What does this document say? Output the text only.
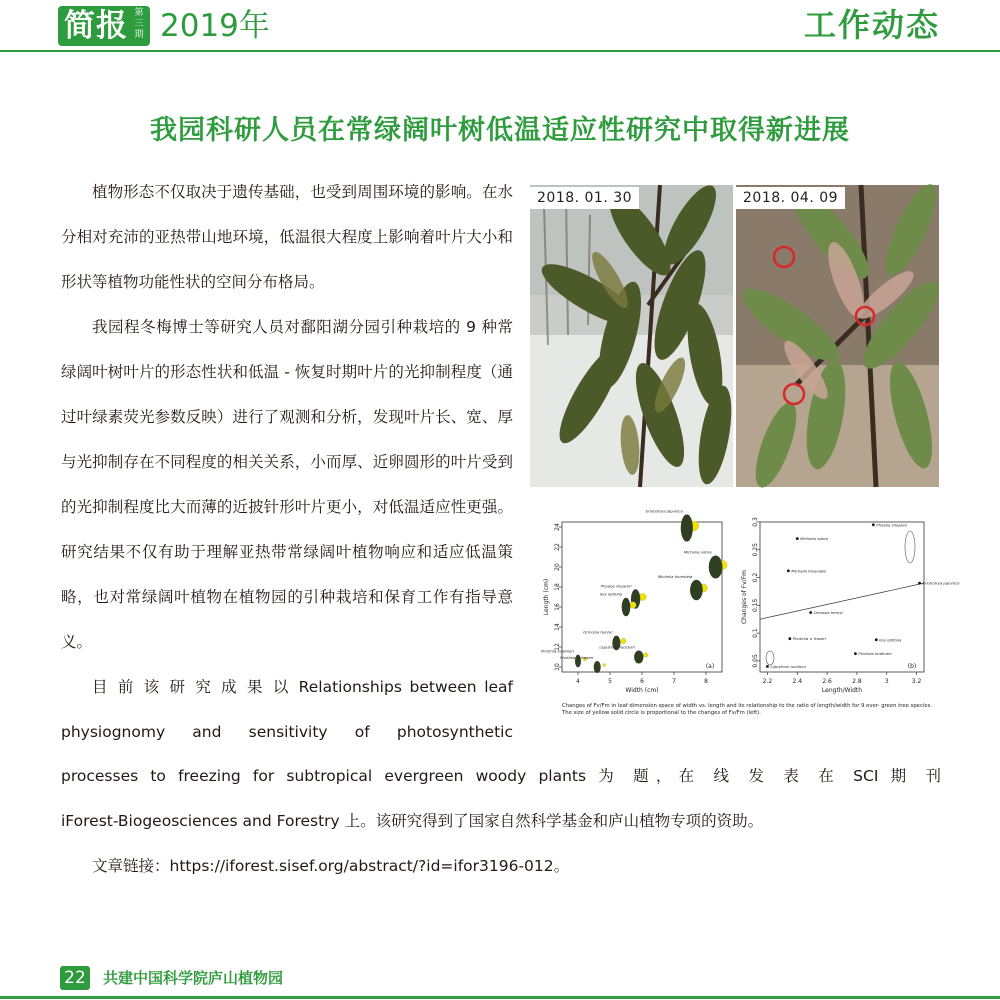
简报 第三期 2019年	工作动态
我园科研人员在常绿阔叶树低温适应性研究中取得新进展

植物形态不仅取决于遗传基础，也受到周围环境的影响。在水分相对充沛的亚热带山地环境，低温很大程度上影响着叶片大小和形状等植物功能性状的空间分布格局。

我园程冬梅博士等研究人员对鄱阳湖分园引种栽培的 9 种常绿阔叶树叶片的形态性状和低温 - 恢复时期叶片的光抑制程度（通过叶绿素荧光参数反映）进行了观测和分析，发现叶片长、宽、厚与光抑制存在不同程度的相关关系，小而厚、近卵圆形的叶片受到的光抑制程度比大而薄的近披针形叶片更小，对低温适应性更强。研究结果不仅有助于理解亚热带常绿阔叶植物响应和适应低温策略，也对常绿阔叶植物在植物园的引种栽培和保育工作有指导意义。

目 前 该 研 究 成 果 以 Relationships between leaf
physiognomy and sensitivity of photosynthetic
processes to freezing for subtropical evergreen woody plants 为 题，在 线 发 表 在 SCI 期 刊
iForest-Biogeosciences and Forestry 上。该研究得到了国家自然科学基金和庐山植物专项的资助。
文章链接：https://iforest.sisef.org/abstract/?id=ifor3196-012。
2018. 01. 30	2018. 04. 09
4	5	6	7	8
10
12
14
16
18
20
22
24
Width (cm)
Length (cm)
(a)
Eriobotrya japonica
Michelia odora
Michelia foveolata
Phoebe sheareri
Ilex latifolia
Ormosia henryi
Ligustrum lucidum
Photinia bodinieri
Photinia × fraseri
2.2	2.4	2.6	2.8	3	3.2
0.05
0.1
0.15
0.2
0.25
0.3
Length/Width
Changes of Fv/Fm
(b)
Phoebe sheareri
Michelia odora
Michelia foveolata
Eriobotrya japonica
Ormosia henryi
Photinia × fraseri	Ilex latifolia
Photinia bodinieri
Ligustrum lucidum
Changes of Fv/Fm in leaf dimension space of width vs. length and its relationship to the ratio of length/width for 9 ever- green tree species. The size of yellow solid circle is proportional to the changes of Fv/Fm (left).
22 共建中国科学院庐山植物园
